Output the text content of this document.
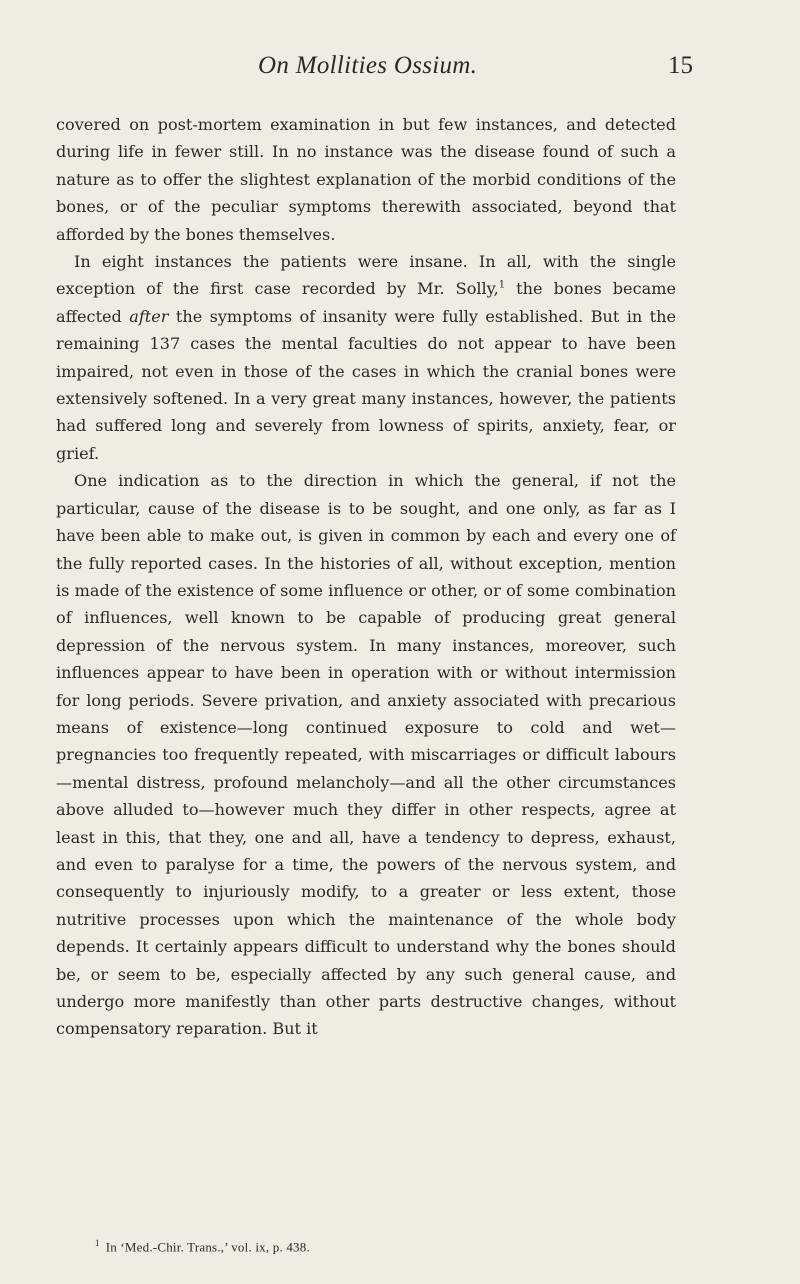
On Mollities Ossium.	15

covered on post-mortem examination in but few instances, and detected during life in fewer still. In no instance was the disease found of such a nature as to offer the slightest explanation of the morbid conditions of the bones, or of the peculiar symptoms therewith associated, beyond that afforded by the bones themselves.

In eight instances the patients were insane. In all, with the single exception of the first case recorded by Mr. Solly,$^1$ the bones became affected after the symptoms of insanity were fully established. But in the remaining 137 cases the mental faculties do not appear to have been impaired, not even in those of the cases in which the cranial bones were extensively softened. In a very great many instances, however, the patients had suffered long and severely from lowness of spirits, anxiety, fear, or grief.

One indication as to the direction in which the general, if not the particular, cause of the disease is to be sought, and one only, as far as I have been able to make out, is given in common by each and every one of the fully reported cases. In the histories of all, without exception, mention is made of the existence of some influence or other, or of some combination of influences, well known to be capable of producing great general depression of the nervous system. In many instances, moreover, such influences appear to have been in operation with or without intermission for long periods. Severe privation, and anxiety associated with precarious means of existence—long continued exposure to cold and wet—pregnancies too frequently repeated, with miscarriages or difficult labours—mental distress, profound melancholy—and all the other circumstances above alluded to—however much they differ in other respects, agree at least in this, that they, one and all, have a tendency to depress, exhaust, and even to paralyse for a time, the powers of the nervous system, and consequently to injuriously modify, to a greater or less extent, those nutritive processes upon which the maintenance of the whole body depends. It certainly appears difficult to understand why the bones should be, or seem to be, especially affected by any such general cause, and undergo more manifestly than other parts destructive changes, without compensatory reparation. But it

$^1$ In ‘Med.-Chir. Trans.,’ vol. ix, p. 438.
